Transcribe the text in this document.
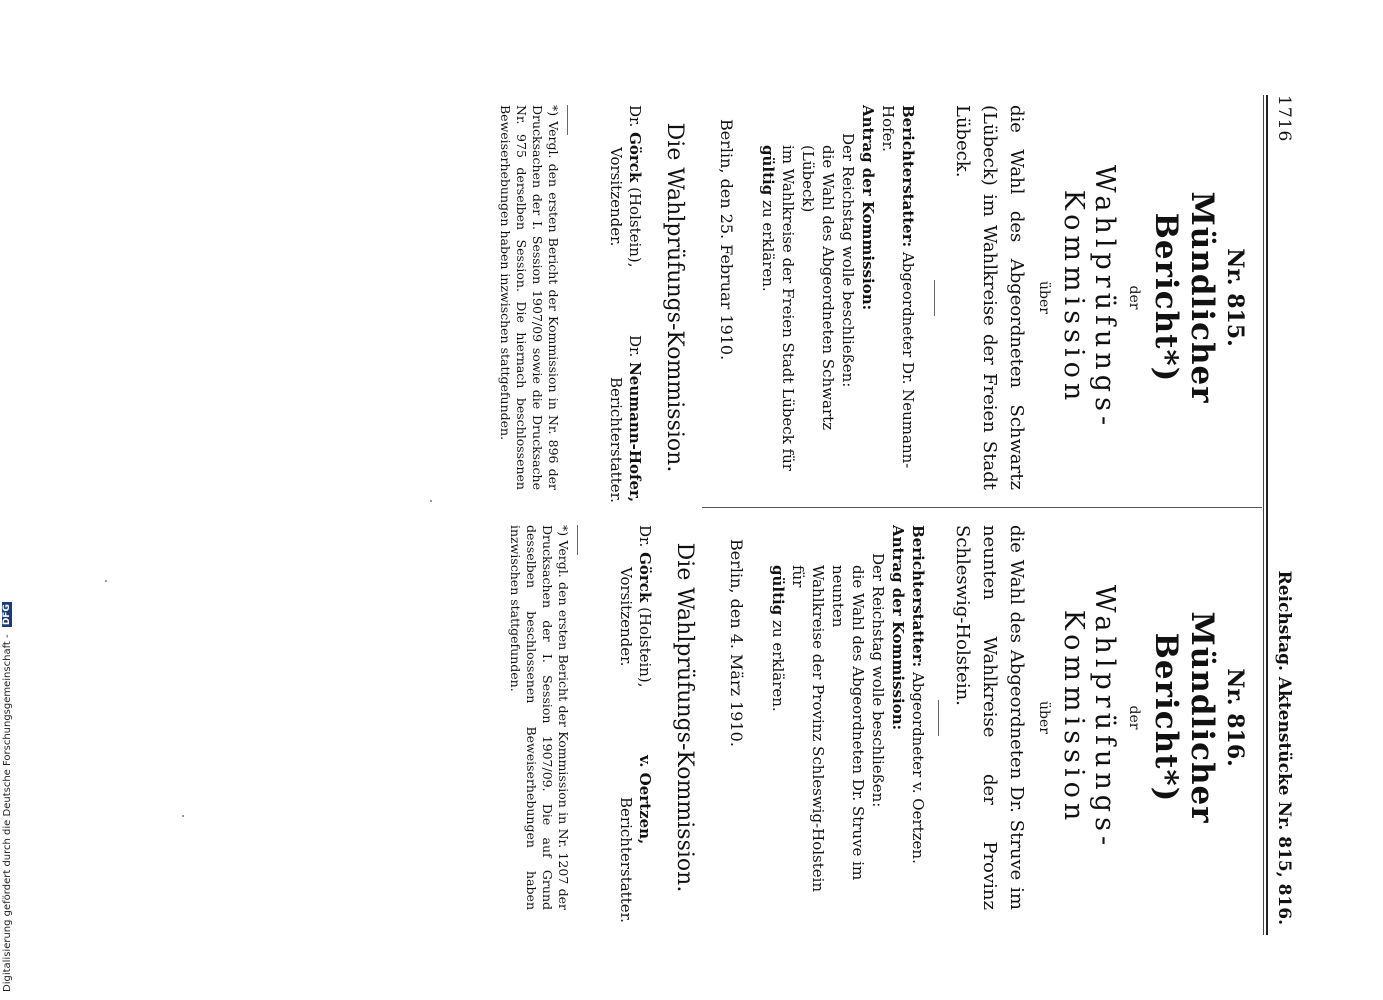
1716
Reichstag. Aktenstücke Nr. 815, 816.
Nr. 815.
Mündlicher Bericht*)
der
Wahlprüfungs-Kommission
über

die Wahl des Abgeordneten Schwartz (Lübeck) im Wahlkreise der Freien Stadt Lübeck.

Berichterstatter: Abgeordneter Dr. Neumann-Hofer.

Antrag der Kommission:

Der Reichstag wolle beschließen:

die Wahl des Abgeordneten Schwartz (Lübeck)

im Wahlkreise der Freien Stadt Lübeck für

gültig zu erklären.

Berlin, den 25. Februar 1910.

Die Wahlprüfungs-Kommission.
Dr. Görck (Holstein),
Vorsitzender.
Dr. Neumann-Hofer,
Berichterstatter.

*) Vergl. den ersten Bericht der Kommission in Nr. 896 der Drucksachen der I. Session 1907/09 sowie die Drucksache Nr. 975 derselben Session. Die hiernach beschlossenen Beweiserhebungen haben inzwischen stattgefunden.

Nr. 816.
Mündlicher Bericht*)
der
Wahlprüfungs-Kommission
über

die Wahl des Abgeordneten Dr. Struve im neunten Wahlkreise der Provinz Schleswig-Holstein.

Berichterstatter: Abgeordneter v. Oertzen.

Antrag der Kommission:

Der Reichstag wolle beschließen:

die Wahl des Abgeordneten Dr. Struve im neunten

Wahlkreise der Provinz Schleswig-Holstein für

gültig zu erklären.

Berlin, den 4. März 1910.

Die Wahlprüfungs-Kommission.
Dr. Görck (Holstein),
Vorsitzender.
v. Oertzen,
Berichterstatter.

*) Vergl. den ersten Bericht der Kommission in Nr. 1207 der Drucksachen der I. Session 1907/09. Die auf Grund desselben beschlossenen Beweiserhebungen haben inzwischen stattgefunden.

Digitalisierung gefördert durch die Deutsche Forschungsgemeinschaft - DFG
